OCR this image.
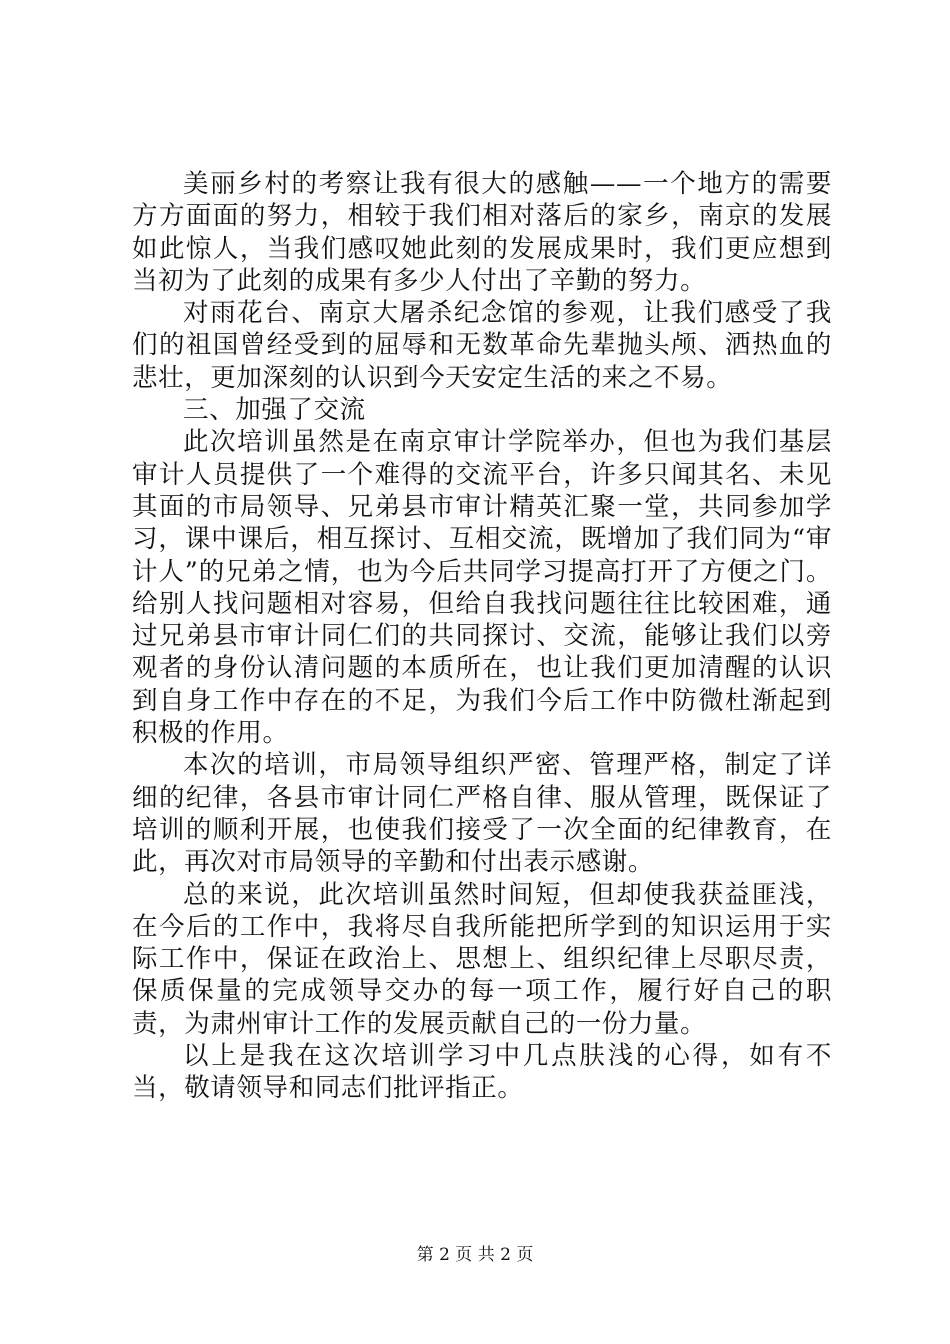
美丽乡村的考察让我有很大的感触——一个地方的需要方方面面的努力，相较于我们相对落后的家乡，南京的发展如此惊人，当我们感叹她此刻的发展成果时，我们更应想到当初为了此刻的成果有多少人付出了辛勤的努力。

对雨花台、南京大屠杀纪念馆的参观，让我们感受了我们的祖国曾经受到的屈辱和无数革命先辈抛头颅、洒热血的悲壮，更加深刻的认识到今天安定生活的来之不易。

三、加强了交流

此次培训虽然是在南京审计学院举办，但也为我们基层审计人员提供了一个难得的交流平台，许多只闻其名、未见其面的市局领导、兄弟县市审计精英汇聚一堂，共同参加学习，课中课后，相互探讨、互相交流，既增加了我们同为“审计人”的兄弟之情，也为今后共同学习提高打开了方便之门。给别人找问题相对容易，但给自我找问题往往比较困难，通过兄弟县市审计同仁们的共同探讨、交流，能够让我们以旁观者的身份认清问题的本质所在，也让我们更加清醒的认识到自身工作中存在的不足，为我们今后工作中防微杜渐起到积极的作用。

本次的培训，市局领导组织严密、管理严格，制定了详细的纪律，各县市审计同仁严格自律、服从管理，既保证了培训的顺利开展，也使我们接受了一次全面的纪律教育，在此，再次对市局领导的辛勤和付出表示感谢。

总的来说，此次培训虽然时间短，但却使我获益匪浅，在今后的工作中，我将尽自我所能把所学到的知识运用于实际工作中，保证在政治上、思想上、组织纪律上尽职尽责，保质保量的完成领导交办的每一项工作，履行好自己的职责，为肃州审计工作的发展贡献自己的一份力量。

以上是我在这次培训学习中几点肤浅的心得，如有不当，敬请领导和同志们批评指正。

第 2 页 共 2 页
